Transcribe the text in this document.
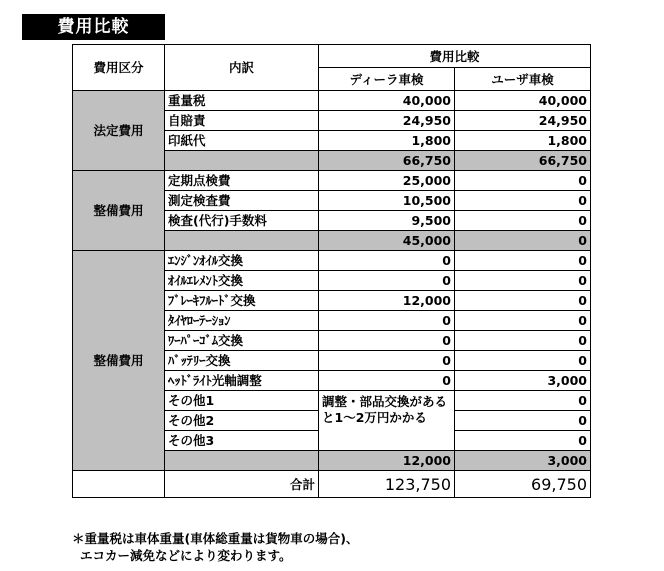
費用比較
費用区分	内訳	費用比較	
		ディーラ車検	ユーザ車検
法定費用	重量税	40,000	40,000
	自賠責	24,950	24,950
	印紙代	1,800	1,800
		66,750	66,750
整備費用	定期点検費	25,000	0
	測定検査費	10,500	0
	検査(代行)手数料	9,500	0
		45,000	0
整備費用	ｴﾝｼﾞﾝｵｲﾙ交換	0	0
	ｵｲﾙｴﾚﾒﾝﾄ交換	0	0
	ﾌﾞﾚｰｷﾌﾙｰﾄﾞ交換	12,000	0
	ﾀｲﾔﾛｰﾃｰｼｮﾝ	0	0
	ﾜｰﾊﾟｰｺﾞﾑ交換	0	0
	ﾊﾞｯﾃﾘｰ交換	0	0
	ﾍｯﾄﾞﾗｲﾄ光軸調整	0	3,000
	その他1	調整・部品交換があると1～2万円かかる	0
	その他2		0
	その他3		0
		12,000	3,000
	合計	123,750	69,750
＊重量税は車体重量(車体総重量は貨物車の場合)、
エコカー減免などにより変わります。
